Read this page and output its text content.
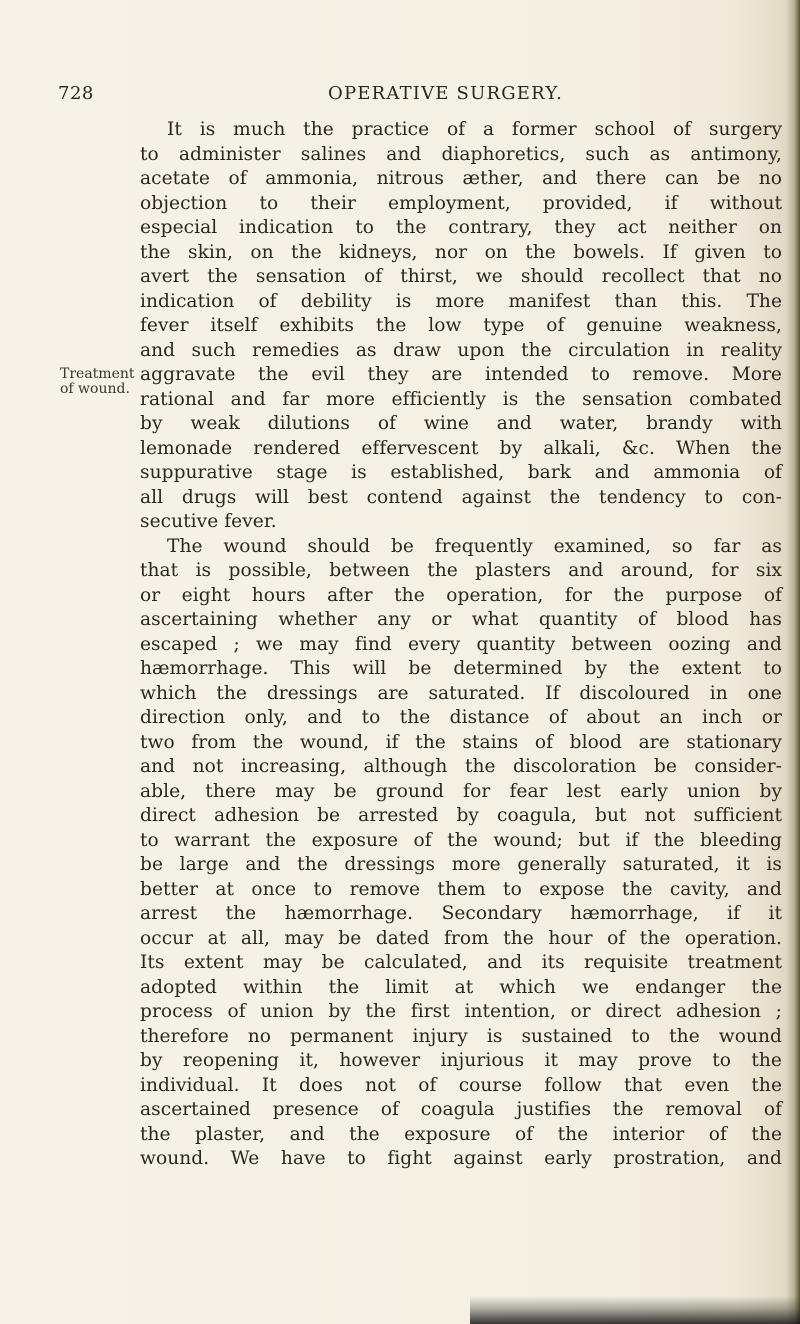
728	OPERATIVE SURGERY.
Treatment
of wound.
It is much the practice of a former school of surgery
to administer salines and diaphoretics, such as antimony,
acetate of ammonia, nitrous æther, and there can be no
objection to their employment, provided, if without
especial indication to the contrary, they act neither on
the skin, on the kidneys, nor on the bowels. If given to
avert the sensation of thirst, we should recollect that no
indication of debility is more manifest than this. The
fever itself exhibits the low type of genuine weakness,
and such remedies as draw upon the circulation in reality
aggravate the evil they are intended to remove. More
rational and far more efficiently is the sensation combated
by weak dilutions of wine and water, brandy with
lemonade rendered effervescent by alkali, &c. When the
suppurative stage is established, bark and ammonia of
all drugs will best contend against the tendency to con-
secutive fever.
The wound should be frequently examined, so far as
that is possible, between the plasters and around, for six
or eight hours after the operation, for the purpose of
ascertaining whether any or what quantity of blood has
escaped ; we may find every quantity between oozing and
hæmorrhage. This will be determined by the extent to
which the dressings are saturated. If discoloured in one
direction only, and to the distance of about an inch or
two from the wound, if the stains of blood are stationary
and not increasing, although the discoloration be consider-
able, there may be ground for fear lest early union by
direct adhesion be arrested by coagula, but not sufficient
to warrant the exposure of the wound; but if the bleeding
be large and the dressings more generally saturated, it is
better at once to remove them to expose the cavity, and
arrest the hæmorrhage. Secondary hæmorrhage, if it
occur at all, may be dated from the hour of the operation.
Its extent may be calculated, and its requisite treatment
adopted within the limit at which we endanger the
process of union by the first intention, or direct adhesion ;
therefore no permanent injury is sustained to the wound
by reopening it, however injurious it may prove to the
individual. It does not of course follow that even the
ascertained presence of coagula justifies the removal of
the plaster, and the exposure of the interior of the
wound. We have to fight against early prostration, and
